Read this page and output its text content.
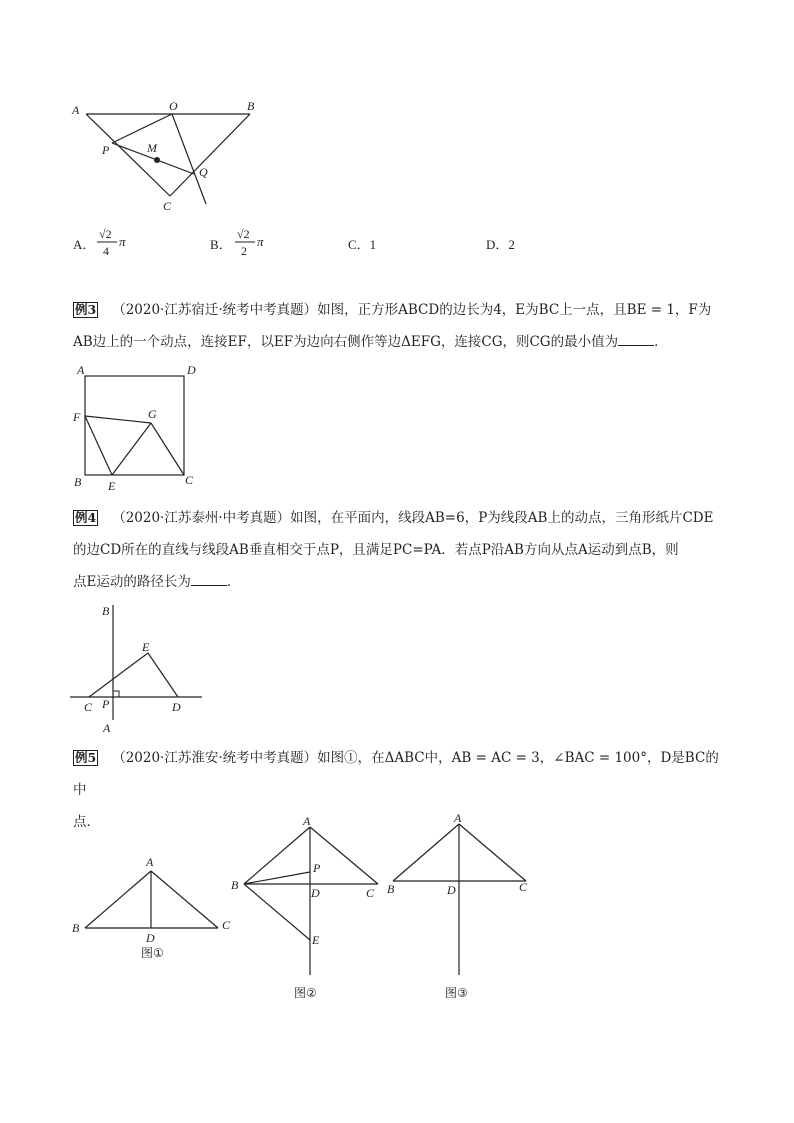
A	O	B
P	M
Q
C
A．
√2
4
π	B．
√2
2
π	C．1	D．2
例3 （2020·江苏宿迁·统考中考真题）如图，正方形ABCD的边长为4，E为BC上一点，且BE = 1，F为
AB边上的一个动点，连接EF，以EF为边向右侧作等边ΔEFG，连接CG，则CG的最小值为	．
A	D
F	G
B E	C
例4 （2020·江苏泰州·中考真题）如图，在平面内，线段AB=6，P为线段AB上的动点，三角形纸片CDE
的边CD所在的直线与线段AB垂直相交于点P，且满足PC=PA．若点P沿AB方向从点A运动到点B，则
点E运动的路径长为	．
B
E
C P	D
A
例5 （2020·江苏淮安·统考中考真题）如图①，在ΔABC中，AB = AC = 3，∠BAC = 100°，D是BC的中
点．
A
B	C
D
图①
A
B
P
D	C
E
图②
A
B	D	C
图③
